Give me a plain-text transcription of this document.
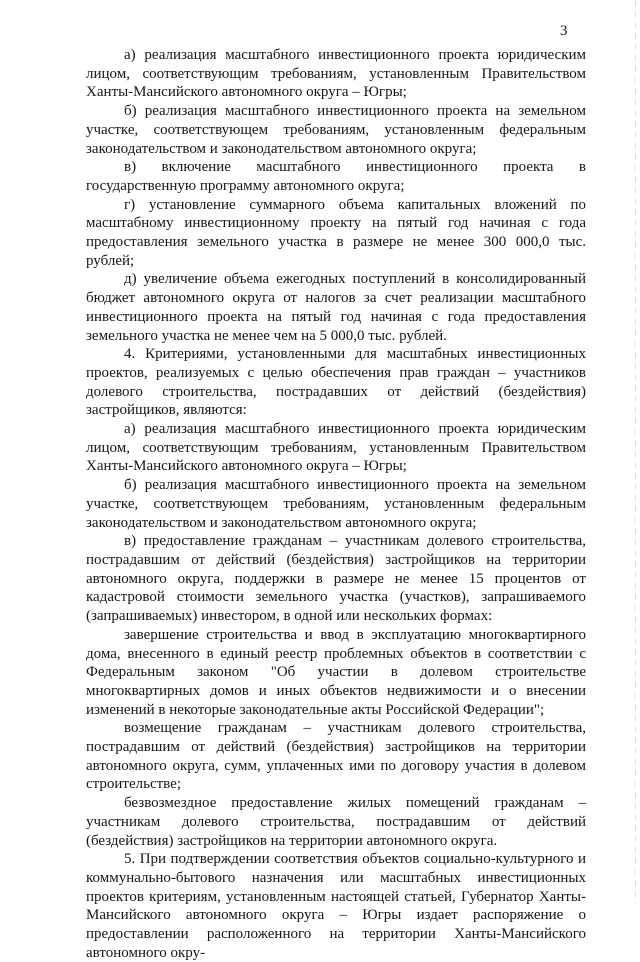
3

а) реализация масштабного инвестиционного проекта юридическим лицом, соответствующим требованиям, установленным Правительством Ханты-Мансийского автономного округа – Югры;

б) реализация масштабного инвестиционного проекта на земельном участке, соответствующем требованиям, установленным федеральным законодательством и законодательством автономного округа;

в) включение масштабного инвестиционного проекта в государственную программу автономного округа;

г) установление суммарного объема капитальных вложений по масштабному инвестиционному проекту на пятый год начиная с года предоставления земельного участка в размере не менее 300 000,0 тыс. рублей;

д) увеличение объема ежегодных поступлений в консолидированный бюджет автономного округа от налогов за счет реализации масштабного инвестиционного проекта на пятый год начиная с года предоставления земельного участка не менее чем на 5 000,0 тыс. рублей.

4. Критериями, установленными для масштабных инвестиционных проектов, реализуемых с целью обеспечения прав граждан – участников долевого строительства, пострадавших от действий (бездействия) застройщиков, являются:

а) реализация масштабного инвестиционного проекта юридическим лицом, соответствующим требованиям, установленным Правительством Ханты-Мансийского автономного округа – Югры;

б) реализация масштабного инвестиционного проекта на земельном участке, соответствующем требованиям, установленным федеральным законодательством и законодательством автономного округа;

в) предоставление гражданам – участникам долевого строительства, пострадавшим от действий (бездействия) застройщиков на территории автономного округа, поддержки в размере не менее 15 процентов от кадастровой стоимости земельного участка (участков), запрашиваемого (запрашиваемых) инвестором, в одной или нескольких формах:

завершение строительства и ввод в эксплуатацию многоквартирного дома, внесенного в единый реестр проблемных объектов в соответствии с Федеральным законом "Об участии в долевом строительстве многоквартирных домов и иных объектов недвижимости и о внесении изменений в некоторые законодательные акты Российской Федерации";

возмещение гражданам – участникам долевого строительства, пострадавшим от действий (бездействия) застройщиков на территории автономного округа, сумм, уплаченных ими по договору участия в долевом строительстве;

безвозмездное предоставление жилых помещений гражданам – участникам долевого строительства, пострадавшим от действий (бездействия) застройщиков на территории автономного округа.

5. При подтверждении соответствия объектов социально-культурного и коммунально-бытового назначения или масштабных инвестиционных проектов критериям, установленным настоящей статьей, Губернатор Ханты-Мансийского автономного округа – Югры издает распоряжение о предоставлении расположенного на территории Ханты-Мансийского автономного окру-
